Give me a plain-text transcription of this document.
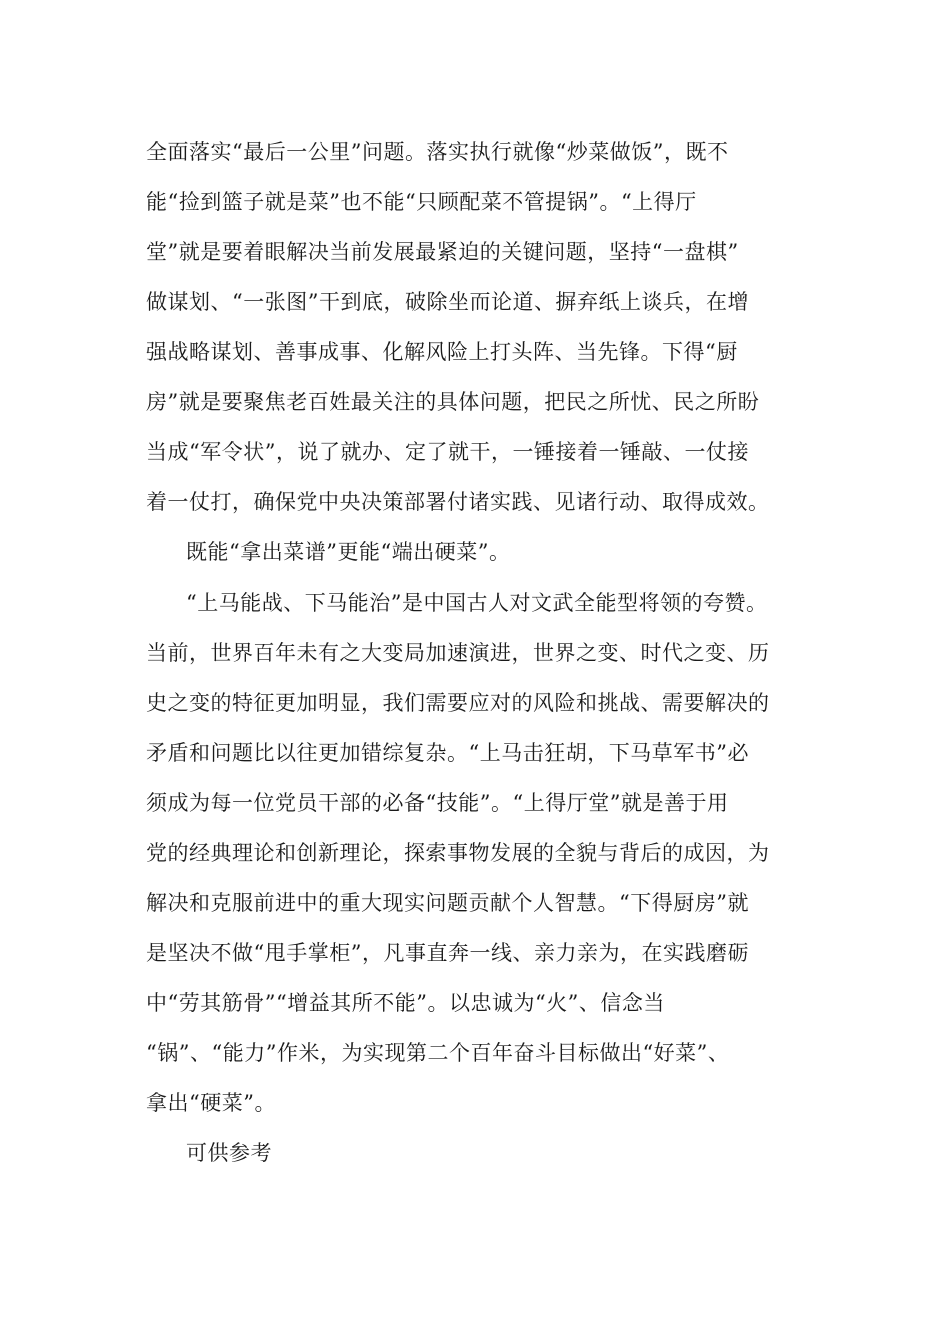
全面落实“最后一公里”问题。落实执行就像“炒菜做饭”，既不
能“捡到篮子就是菜”也不能“只顾配菜不管提锅”。“上得厅
堂”就是要着眼解决当前发展最紧迫的关键问题，坚持“一盘棋”
做谋划、“一张图”干到底，破除坐而论道、摒弃纸上谈兵，在增
强战略谋划、善事成事、化解风险上打头阵、当先锋。下得“厨
房”就是要聚焦老百姓最关注的具体问题，把民之所忧、民之所盼
当成“军令状”，说了就办、定了就干，一锤接着一锤敲、一仗接
着一仗打，确保党中央决策部署付诸实践、见诸行动、取得成效。
既能“拿出菜谱”更能“端出硬菜”。
“上马能战、下马能治”是中国古人对文武全能型将领的夸赞。
当前，世界百年未有之大变局加速演进，世界之变、时代之变、历
史之变的特征更加明显，我们需要应对的风险和挑战、需要解决的
矛盾和问题比以往更加错综复杂。“上马击狂胡，下马草军书”必
须成为每一位党员干部的必备“技能”。“上得厅堂”就是善于用
党的经典理论和创新理论，探索事物发展的全貌与背后的成因，为
解决和克服前进中的重大现实问题贡献个人智慧。“下得厨房”就
是坚决不做“甩手掌柜”，凡事直奔一线、亲力亲为，在实践磨砺
中“劳其筋骨”“增益其所不能”。以忠诚为“火”、信念当
“锅”、“能力”作米，为实现第二个百年奋斗目标做出“好菜”、
拿出“硬菜”。
可供参考
